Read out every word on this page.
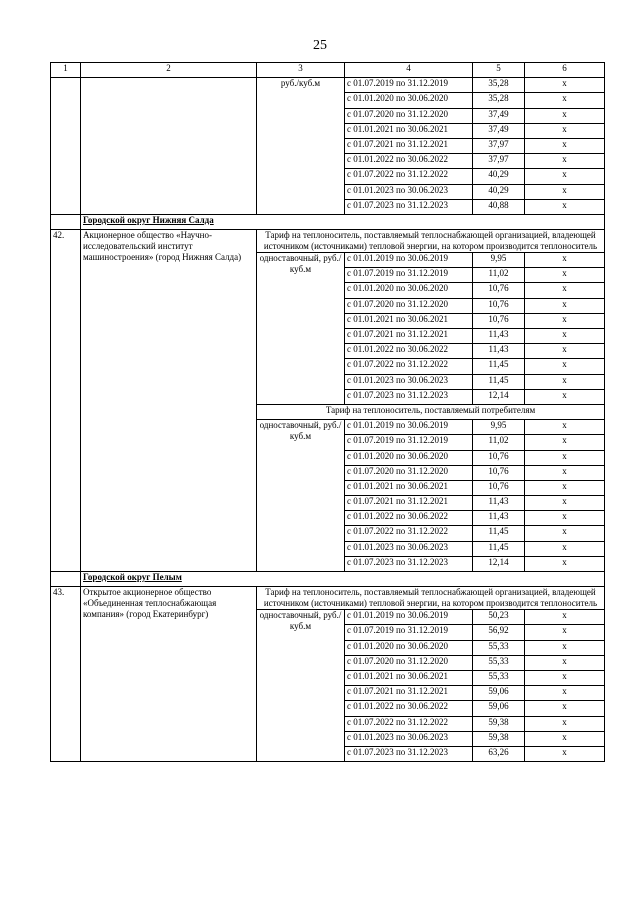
25
1	2	3	4	5	6
		руб./куб.м	с 01.07.2019 по 31.12.2019	35,28	х
			с 01.01.2020 по 30.06.2020	35,28	х
			с 01.07.2020 по 31.12.2020	37,49	х
			с 01.01.2021 по 30.06.2021	37,49	х
			с 01.07.2021 по 31.12.2021	37,97	х
			с 01.01.2022 по 30.06.2022	37,97	х
			с 01.07.2022 по 31.12.2022	40,29	х
			с 01.01.2023 по 30.06.2023	40,29	х
			с 01.07.2023 по 31.12.2023	40,88	х
	Городской округ Нижняя Салда				
42.	Акционерное общество «Научно-исследовательский институт машиностроения» (город Нижняя Салда)	Тариф на теплоноситель, поставляемый теплоснабжающей организацией, владеющей источником (источниками) тепловой энергии, на котором производится теплоноситель			
		одноставочный, руб./куб.м	с 01.01.2019 по 30.06.2019	9,95	х
			с 01.07.2019 по 31.12.2019	11,02	х
			с 01.01.2020 по 30.06.2020	10,76	х
			с 01.07.2020 по 31.12.2020	10,76	х
			с 01.01.2021 по 30.06.2021	10,76	х
			с 01.07.2021 по 31.12.2021	11,43	х
			с 01.01.2022 по 30.06.2022	11,43	х
			с 01.07.2022 по 31.12.2022	11,45	х
			с 01.01.2023 по 30.06.2023	11,45	х
			с 01.07.2023 по 31.12.2023	12,14	х
		Тариф на теплоноситель, поставляемый потребителям			
		одноставочный, руб./куб.м	с 01.01.2019 по 30.06.2019	9,95	х
			с 01.07.2019 по 31.12.2019	11,02	х
			с 01.01.2020 по 30.06.2020	10,76	х
			с 01.07.2020 по 31.12.2020	10,76	х
			с 01.01.2021 по 30.06.2021	10,76	х
			с 01.07.2021 по 31.12.2021	11,43	х
			с 01.01.2022 по 30.06.2022	11,43	х
			с 01.07.2022 по 31.12.2022	11,45	х
			с 01.01.2023 по 30.06.2023	11,45	х
			с 01.07.2023 по 31.12.2023	12,14	х
	Городской округ Пелым				
43.	Открытое акционерное общество «Объединенная теплоснабжающая компания» (город Екатеринбург)	Тариф на теплоноситель, поставляемый теплоснабжающей организацией, владеющей источником (источниками) тепловой энергии, на котором производится теплоноситель			
		одноставочный, руб./куб.м	с 01.01.2019 по 30.06.2019	50,23	х
			с 01.07.2019 по 31.12.2019	56,92	х
			с 01.01.2020 по 30.06.2020	55,33	х
			с 01.07.2020 по 31.12.2020	55,33	х
			с 01.01.2021 по 30.06.2021	55,33	х
			с 01.07.2021 по 31.12.2021	59,06	х
			с 01.01.2022 по 30.06.2022	59,06	х
			с 01.07.2022 по 31.12.2022	59,38	х
			с 01.01.2023 по 30.06.2023	59,38	х
			с 01.07.2023 по 31.12.2023	63,26	х
